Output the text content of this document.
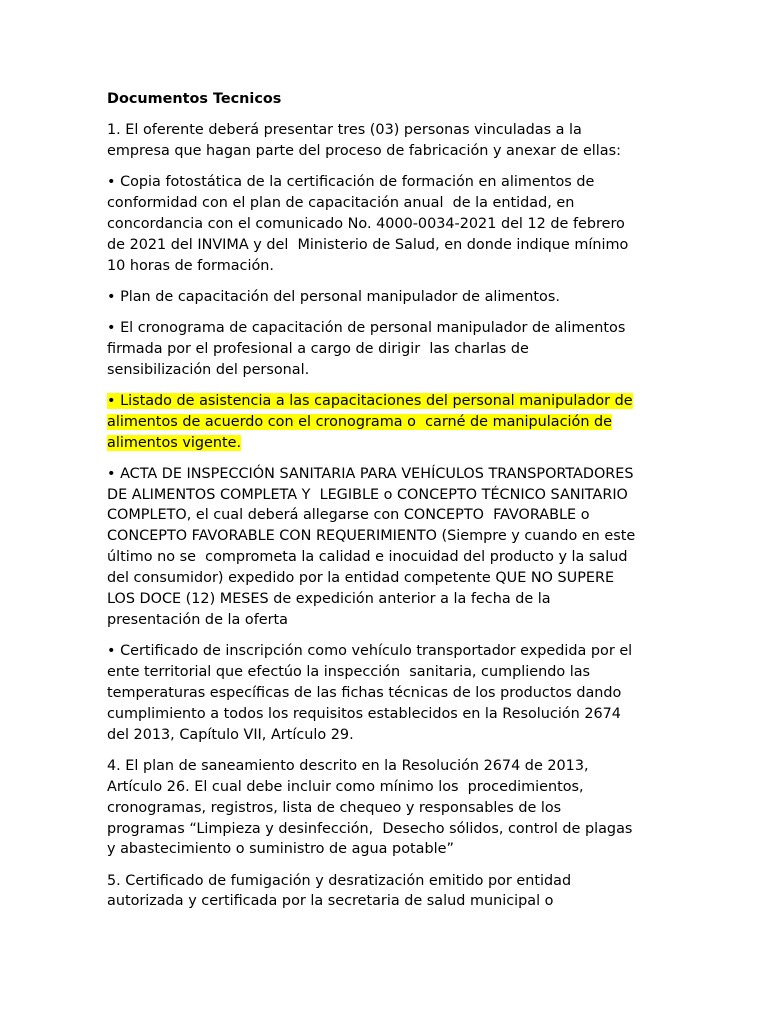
Documentos Tecnicos
1. El oferente deberá presentar tres (03) personas vinculadas a la
empresa que hagan parte del proceso de fabricación y anexar de ellas:
• Copia fotostática de la certificación de formación en alimentos de
conformidad con el plan de capacitación anual  de la entidad, en
concordancia con el comunicado No. 4000-0034-2021 del 12 de febrero
de 2021 del INVIMA y del  Ministerio de Salud, en donde indique mínimo
10 horas de formación.
• Plan de capacitación del personal manipulador de alimentos.
• El cronograma de capacitación de personal manipulador de alimentos
firmada por el profesional a cargo de dirigir  las charlas de
sensibilización del personal.
• Listado de asistencia a las capacitaciones del personal manipulador de
alimentos de acuerdo con el cronograma o  carné de manipulación de
alimentos vigente.
• ACTA DE INSPECCIÓN SANITARIA PARA VEHÍCULOS TRANSPORTADORES
DE ALIMENTOS COMPLETA Y  LEGIBLE o CONCEPTO TÉCNICO SANITARIO
COMPLETO, el cual deberá allegarse con CONCEPTO  FAVORABLE o
CONCEPTO FAVORABLE CON REQUERIMIENTO (Siempre y cuando en este
último no se  comprometa la calidad e inocuidad del producto y la salud
del consumidor) expedido por la entidad competente QUE NO SUPERE
LOS DOCE (12) MESES de expedición anterior a la fecha de la
presentación de la oferta
• Certificado de inscripción como vehículo transportador expedida por el
ente territorial que efectúo la inspección  sanitaria, cumpliendo las
temperaturas específicas de las fichas técnicas de los productos dando
cumplimiento a todos los requisitos establecidos en la Resolución 2674
del 2013, Capítulo VII, Artículo 29.
4. El plan de saneamiento descrito en la Resolución 2674 de 2013,
Artículo 26. El cual debe incluir como mínimo los  procedimientos,
cronogramas, registros, lista de chequeo y responsables de los
programas “Limpieza y desinfección,  Desecho sólidos, control de plagas
y abastecimiento o suministro de agua potable”
5. Certificado de fumigación y desratización emitido por entidad
autorizada y certificada por la secretaria de salud municipal o
